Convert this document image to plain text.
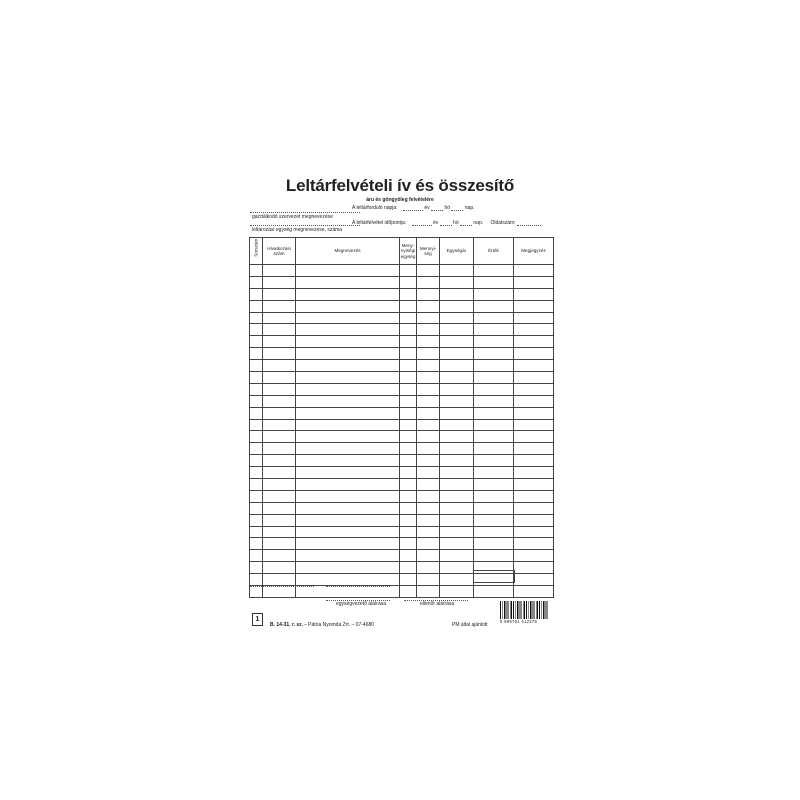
Leltárfelvételi ív és összesítő
áru és göngyöleg felvételére
gazdálkodó szervezet megnevezése
leltározási egység megnevezése, száma
A leltárforduló napja:	év	hó	nap.
A leltárfelvétel időpontja:	év	hó	nap. Oldalszám:
Sorszám	Hivatkozási szám	Megnevezés	Meny-nyiségi egység	Mennyi-ség	Egységár	Érték	Megjegyzés

egységvezető aláírása	ellenőr aláírása
1
B. 14-31. r. sz. – Pátria Nyomda Zrt. – 07-4680	PM által ajánlott
5 999761 412378
